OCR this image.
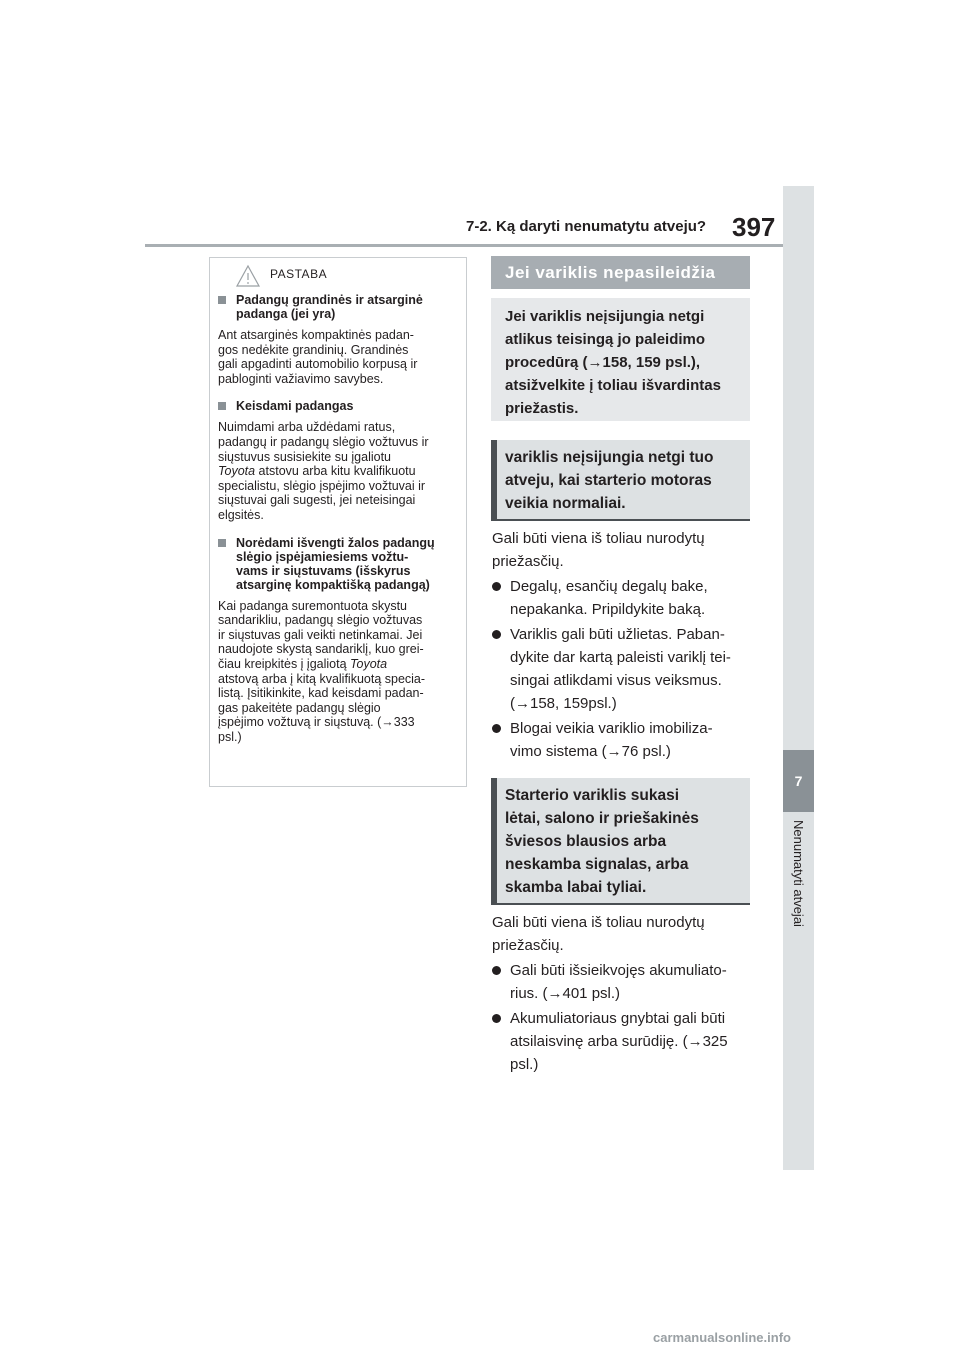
7-2. Ką daryti nenumatytu atveju? 397
7
Nenumatyti atvejai
PASTABA
Padangų grandinės ir atsarginė
padanga (jei yra)
Ant atsarginės kompaktinės padan-
gos nedėkite grandinių. Grandinės
gali apgadinti automobilio korpusą ir
pabloginti važiavimo savybes.
Keisdami padangas
Nuimdami arba uždėdami ratus,
padangų ir padangų slėgio vožtuvus ir
siųstuvus susisiekite su įgaliotu
Toyota atstovu arba kitu kvalifikuotu
specialistu, slėgio įspėjimo vožtuvai ir
siųstuvai gali sugesti, jei neteisingai
elgsitės.
Norėdami išvengti žalos padangų
slėgio įspėjamiesiems vožtu-
vams ir siųstuvams (išskyrus
atsarginę kompaktišką padangą)
Kai padanga suremontuota skystu
sandarikliu, padangų slėgio vožtuvas
ir siųstuvas gali veikti netinkamai. Jei
naudojote skystą sandariklį, kuo grei-
čiau kreipkitės į įgaliotą Toyota
atstovą arba į kitą kvalifikuotą specia-
listą. Įsitikinkite, kad keisdami padan-
gas pakeitėte padangų slėgio
įspėjimo vožtuvą ir siųstuvą. (→333
psl.)
Jei variklis nepasileidžia
Jei variklis neįsijungia netgi
atlikus teisingą jo paleidimo
procedūrą (→158, 159 psl.),
atsižvelkite į toliau išvardintas
priežastis.
variklis neįsijungia netgi tuo
atveju, kai starterio motoras
veikia normaliai.
Gali būti viena iš toliau nurodytų
priežasčių.
Degalų, esančių degalų bake,
nepakanka. Pripildykite baką.
Variklis gali būti užlietas. Paban-
dykite dar kartą paleisti variklį tei-
singai atlikdami visus veiksmus.
(→158, 159psl.)
Blogai veikia variklio imobiliza-
vimo sistema (→76 psl.)
Starterio variklis sukasi
lėtai, salono ir priešakinės
šviesos blausios arba
neskamba signalas, arba
skamba labai tyliai.
Gali būti viena iš toliau nurodytų
priežasčių.
Gali būti išsieikvojęs akumuliato-
rius. (→401 psl.)
Akumuliatoriaus gnybtai gali būti
atsilaisvinę arba surūdiję. (→325
psl.)
carmanualsonline.info
